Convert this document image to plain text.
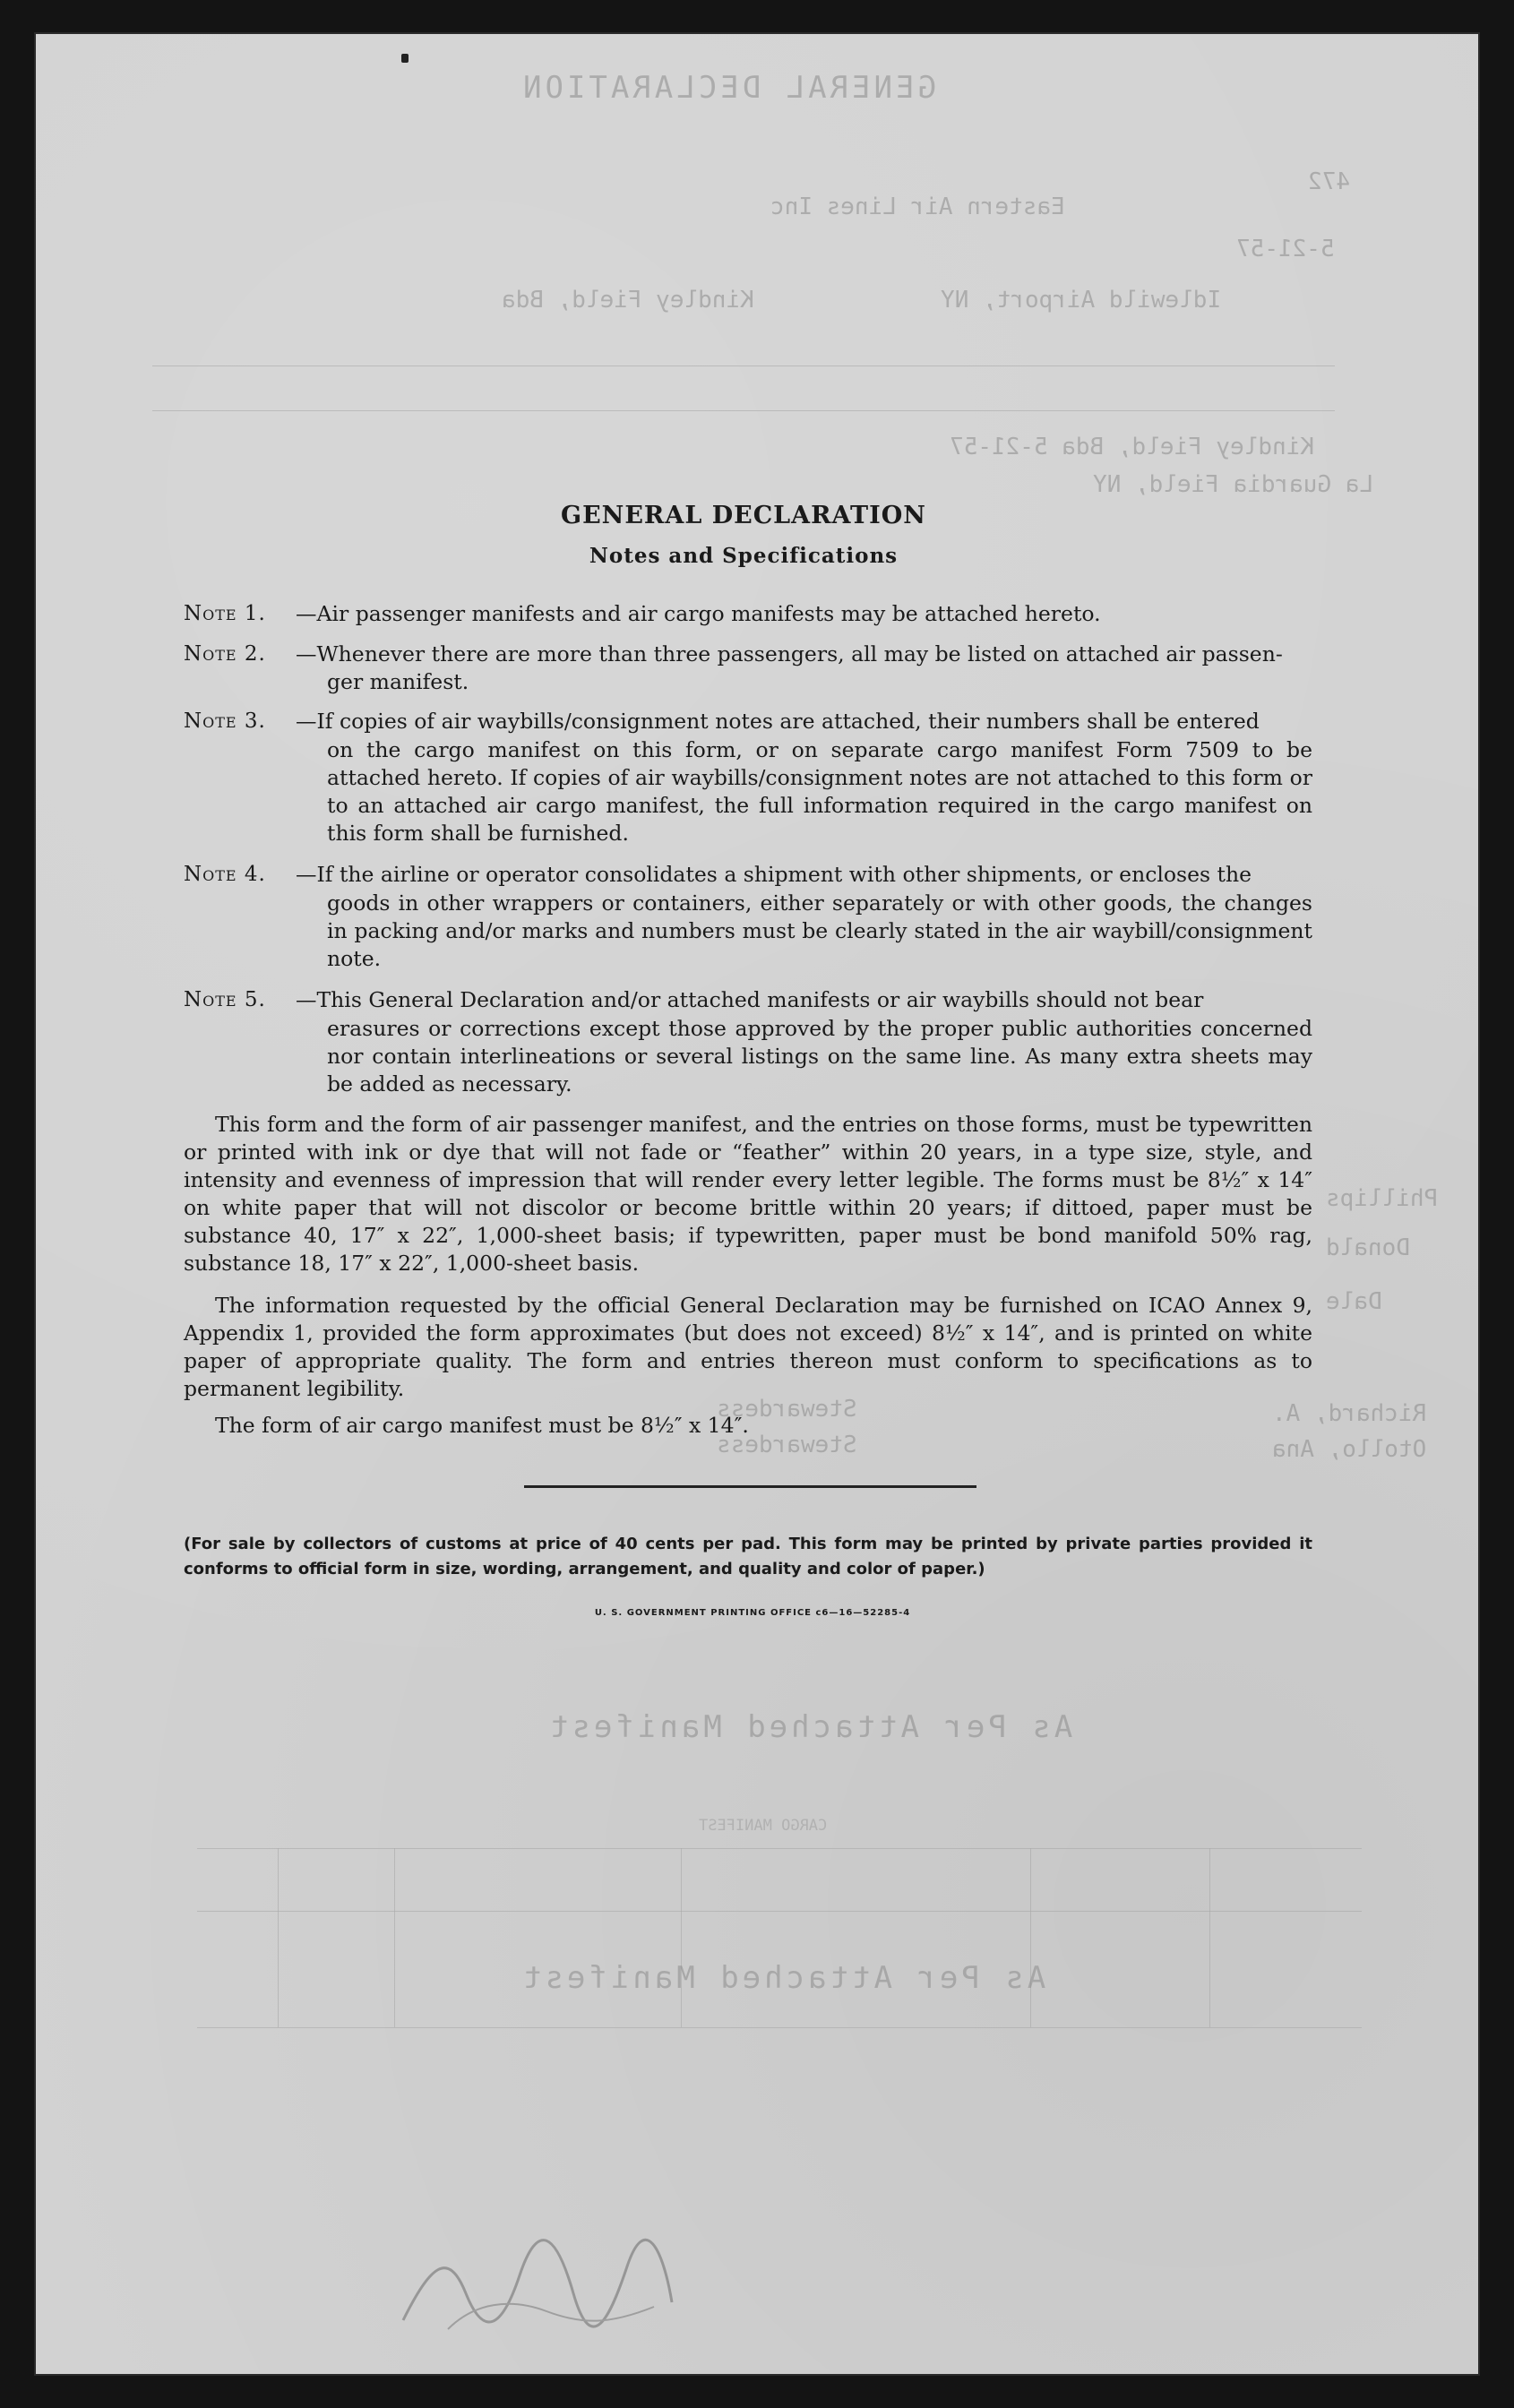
GENERAL DECLARATION
472
Eastern Air Lines Inc
5-21-57
Kindley Field, Bda	Idlewild Airport, NY
Kindley Field, Bda 5-21-57
La Guardia Field, NY
Phillips
Donald
Dale
Richard, A.
Otollo, Ana
Stewardess
Stewardess
As Per Attached Manifest
CARGO MANIFEST
As Per Attached Manifest
GENERAL DECLARATION
Notes and Specifications
Note 1. —Air passenger manifests and air cargo manifests may be attached hereto.
Note 2. —Whenever there are more than three passengers, all may be listed on attached air passen-
ger manifest.
Note 3. —If copies of air waybills/consignment notes are attached, their numbers shall be entered
on the cargo manifest on this form, or on separate cargo manifest Form 7509 to be attached hereto. If copies of air waybills/consignment notes are not attached to this form or to an attached air cargo manifest, the full information required in the cargo manifest on this form shall be furnished.
Note 4. —If the airline or operator consolidates a shipment with other shipments, or encloses the
goods in other wrappers or containers, either separately or with other goods, the changes in packing and/or marks and numbers must be clearly stated in the air waybill/consignment note.
Note 5. —This General Declaration and/or attached manifests or air waybills should not bear
erasures or corrections except those approved by the proper public authorities concerned nor contain interlineations or several listings on the same line. As many extra sheets may be added as necessary.
This form and the form of air passenger manifest, and the entries on those forms, must be typewritten or printed with ink or dye that will not fade or “feather” within 20 years, in a type size, style, and intensity and evenness of impression that will render every letter legible. The forms must be 8½″ x 14″ on white paper that will not discolor or become brittle within 20 years; if dittoed, paper must be substance 40, 17″ x 22″, 1,000-sheet basis; if typewritten, paper must be bond manifold 50% rag, substance 18, 17″ x 22″, 1,000-sheet basis.
The information requested by the official General Declaration may be furnished on ICAO Annex 9, Appendix 1, provided the form approximates (but does not exceed) 8½″ x 14″, and is printed on white paper of appropriate quality. The form and entries thereon must conform to specifications as to permanent legibility.
The form of air cargo manifest must be 8½″ x 14″.
(For sale by collectors of customs at price of 40 cents per pad. This form may be printed by private parties provided it conforms to official form in size, wording, arrangement, and quality and color of paper.)
U. S. GOVERNMENT PRINTING OFFICE c6—16—52285-4
